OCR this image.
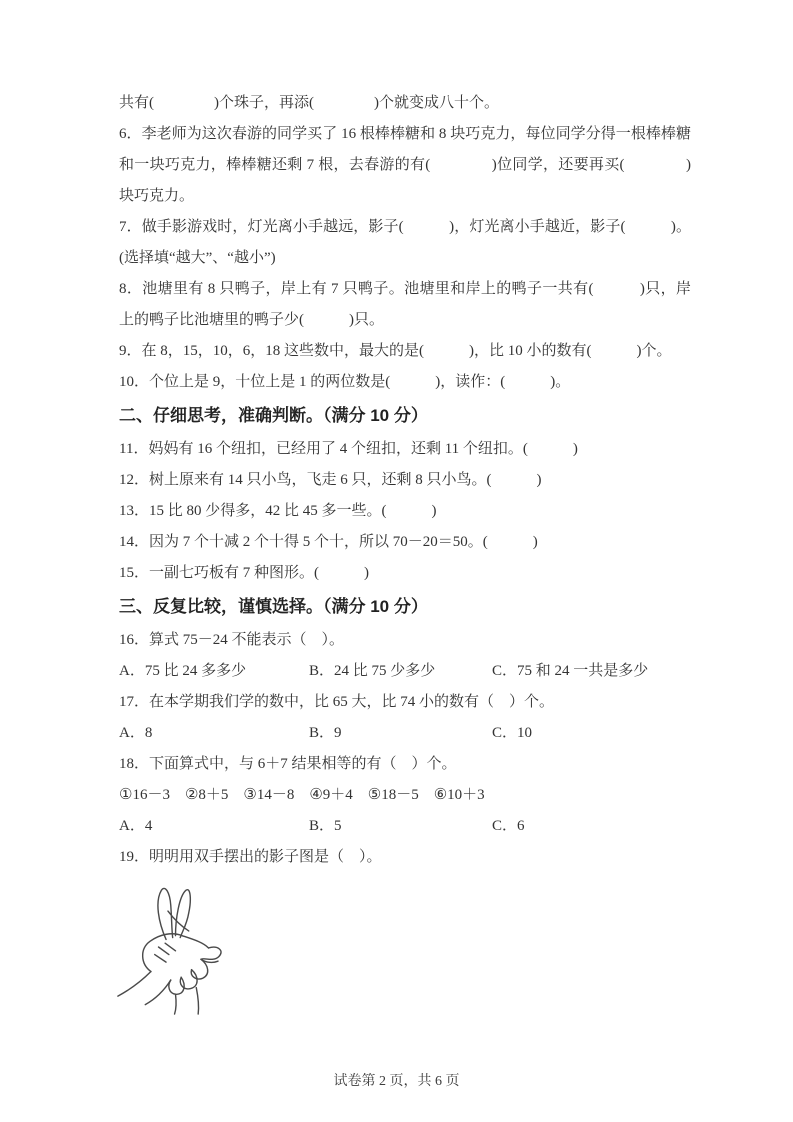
共有(　　　　)个珠子，再添(　　　　)个就变成八十个。

6．李老师为这次春游的同学买了 16 根棒棒糖和 8 块巧克力，每位同学分得一根棒棒糖和一块巧克力，棒棒糖还剩 7 根，去春游的有(　　　　)位同学，还要再买(　　　　)块巧克力。

7．做手影游戏时，灯光离小手越远，影子(　　　)，灯光离小手越近，影子(　　　)。(选择填“越大”、“越小”)

8．池塘里有 8 只鸭子，岸上有 7 只鸭子。池塘里和岸上的鸭子一共有(　　　)只，岸上的鸭子比池塘里的鸭子少(　　　)只。

9．在 8，15，10，6，18 这些数中，最大的是(　　　)，比 10 小的数有(　　　)个。

10．个位上是 9，十位上是 1 的两位数是(　　　)，读作：(　　　)。

二、仔细思考，准确判断。（满分 10 分）

11．妈妈有 16 个纽扣，已经用了 4 个纽扣，还剩 11 个纽扣。(　　　)

12．树上原来有 14 只小鸟，飞走 6 只，还剩 8 只小鸟。(　　　)

13．15 比 80 少得多，42 比 45 多一些。(　　　)

14．因为 7 个十减 2 个十得 5 个十，所以 70－20＝50。(　　　)

15．一副七巧板有 7 种图形。(　　　)

三、反复比较，谨慎选择。（满分 10 分）

16．算式 75－24 不能表示（　）。

A．75 比 24 多多少	B．24 比 75 少多少	C．75 和 24 一共是多少

17．在本学期我们学的数中，比 65 大，比 74 小的数有（　）个。

A．8	B．9	C．10

18．下面算式中，与 6＋7 结果相等的有（　）个。

①16－3　②8＋5　③14－8　④9＋4　⑤18－5　⑥10＋3

A．4	B．5	C．6

19．明明用双手摆出的影子图是（　）。

试卷第 2 页，共 6 页
